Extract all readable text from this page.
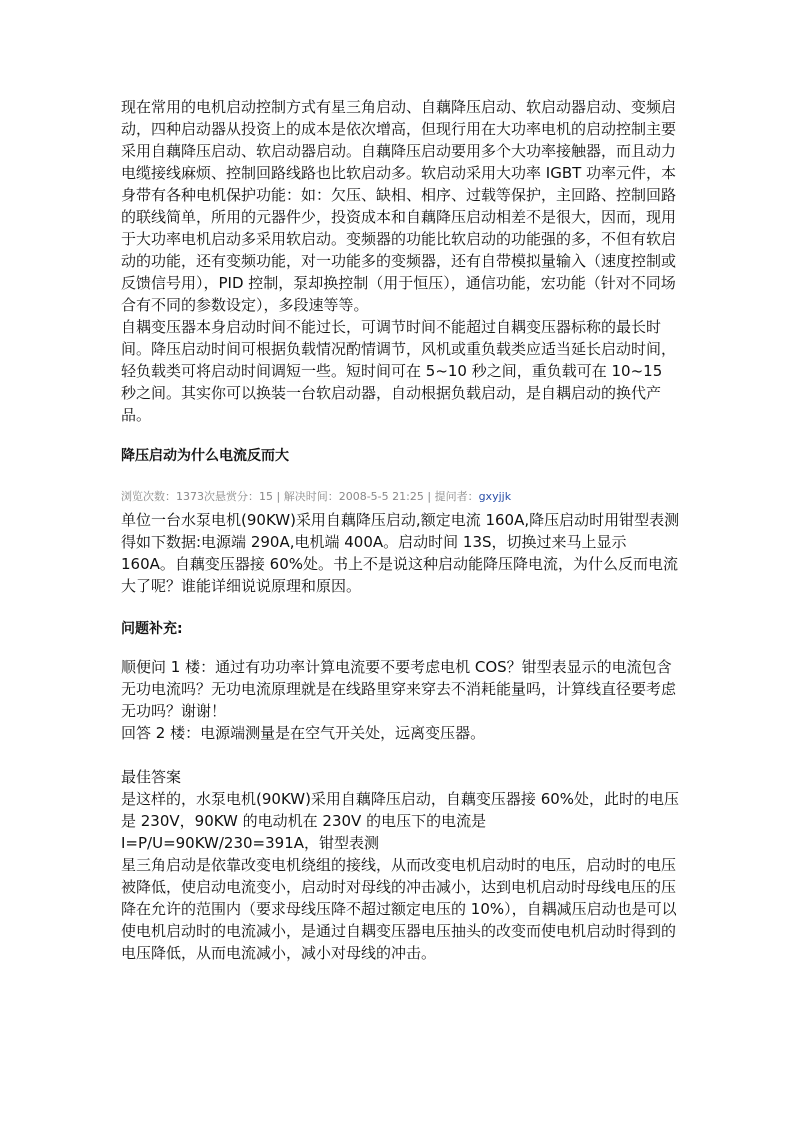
现在常用的电机启动控制方式有星三角启动、自藕降压启动、软启动器启动、变频启动，四种启动器从投资上的成本是依次增高，但现行用在大功率电机的启动控制主要采用自藕降压启动、软启动器启动。自藕降压启动要用多个大功率接触器，而且动力电缆接线麻烦、控制回路线路也比软启动多。软启动采用大功率 IGBT 功率元件，本身带有各种电机保护功能：如：欠压、缺相、相序、过载等保护，主回路、控制回路的联线简单，所用的元器件少，投资成本和自藕降压启动相差不是很大，因而，现用于大功率电机启动多采用软启动。变频器的功能比软启动的功能强的多，不但有软启动的功能，还有变频功能，对一功能多的变频器，还有自带模拟量输入（速度控制或反馈信号用），PID 控制，泵却换控制（用于恒压），通信功能，宏功能（针对不同场合有不同的参数设定），多段速等等。

自耦变压器本身启动时间不能过长，可调节时间不能超过自耦变压器标称的最长时间。降压启动时间可根据负载情况酌情调节，风机或重负载类应适当延长启动时间，轻负载类可将启动时间调短一些。短时间可在 5~10 秒之间，重负载可在 10~15 秒之间。其实你可以换装一台软启动器，自动根据负载启动，是自耦启动的换代产品。

降压启动为什么电流反而大

浏览次数：1373次悬赏分：15 | 解决时间：2008-5-5 21:25 | 提问者：gxyjjk

单位一台水泵电机(90KW)采用自藕降压启动,额定电流 160A,降压启动时用钳型表测得如下数据:电源端 290A,电机端 400A。启动时间 13S，切换过来马上显示 160A。自藕变压器接 60%处。书上不是说这种启动能降压降电流，为什么反而电流大了呢？谁能详细说说原理和原因。

问题补充:

顺便问 1 楼：通过有功功率计算电流要不要考虑电机 COS？钳型表显示的电流包含无功电流吗？无功电流原理就是在线路里穿来穿去不消耗能量吗，计算线直径要考虑无功吗？谢谢！

回答 2 楼：电源端测量是在空气开关处，远离变压器。

最佳答案

是这样的，水泵电机(90KW)采用自藕降压启动，自藕变压器接 60%处，此时的电压是 230V，90KW 的电动机在 230V 的电压下的电流是

I=P/U=90KW/230=391A，钳型表测

星三角启动是依靠改变电机绕组的接线，从而改变电机启动时的电压，启动时的电压被降低，使启动电流变小，启动时对母线的冲击减小，达到电机启动时母线电压的压降在允许的范围内（要求母线压降不超过额定电压的 10%），自耦减压启动也是可以使电机启动时的电流减小，是通过自耦变压器电压抽头的改变而使电机启动时得到的电压降低，从而电流减小，减小对母线的冲击。
